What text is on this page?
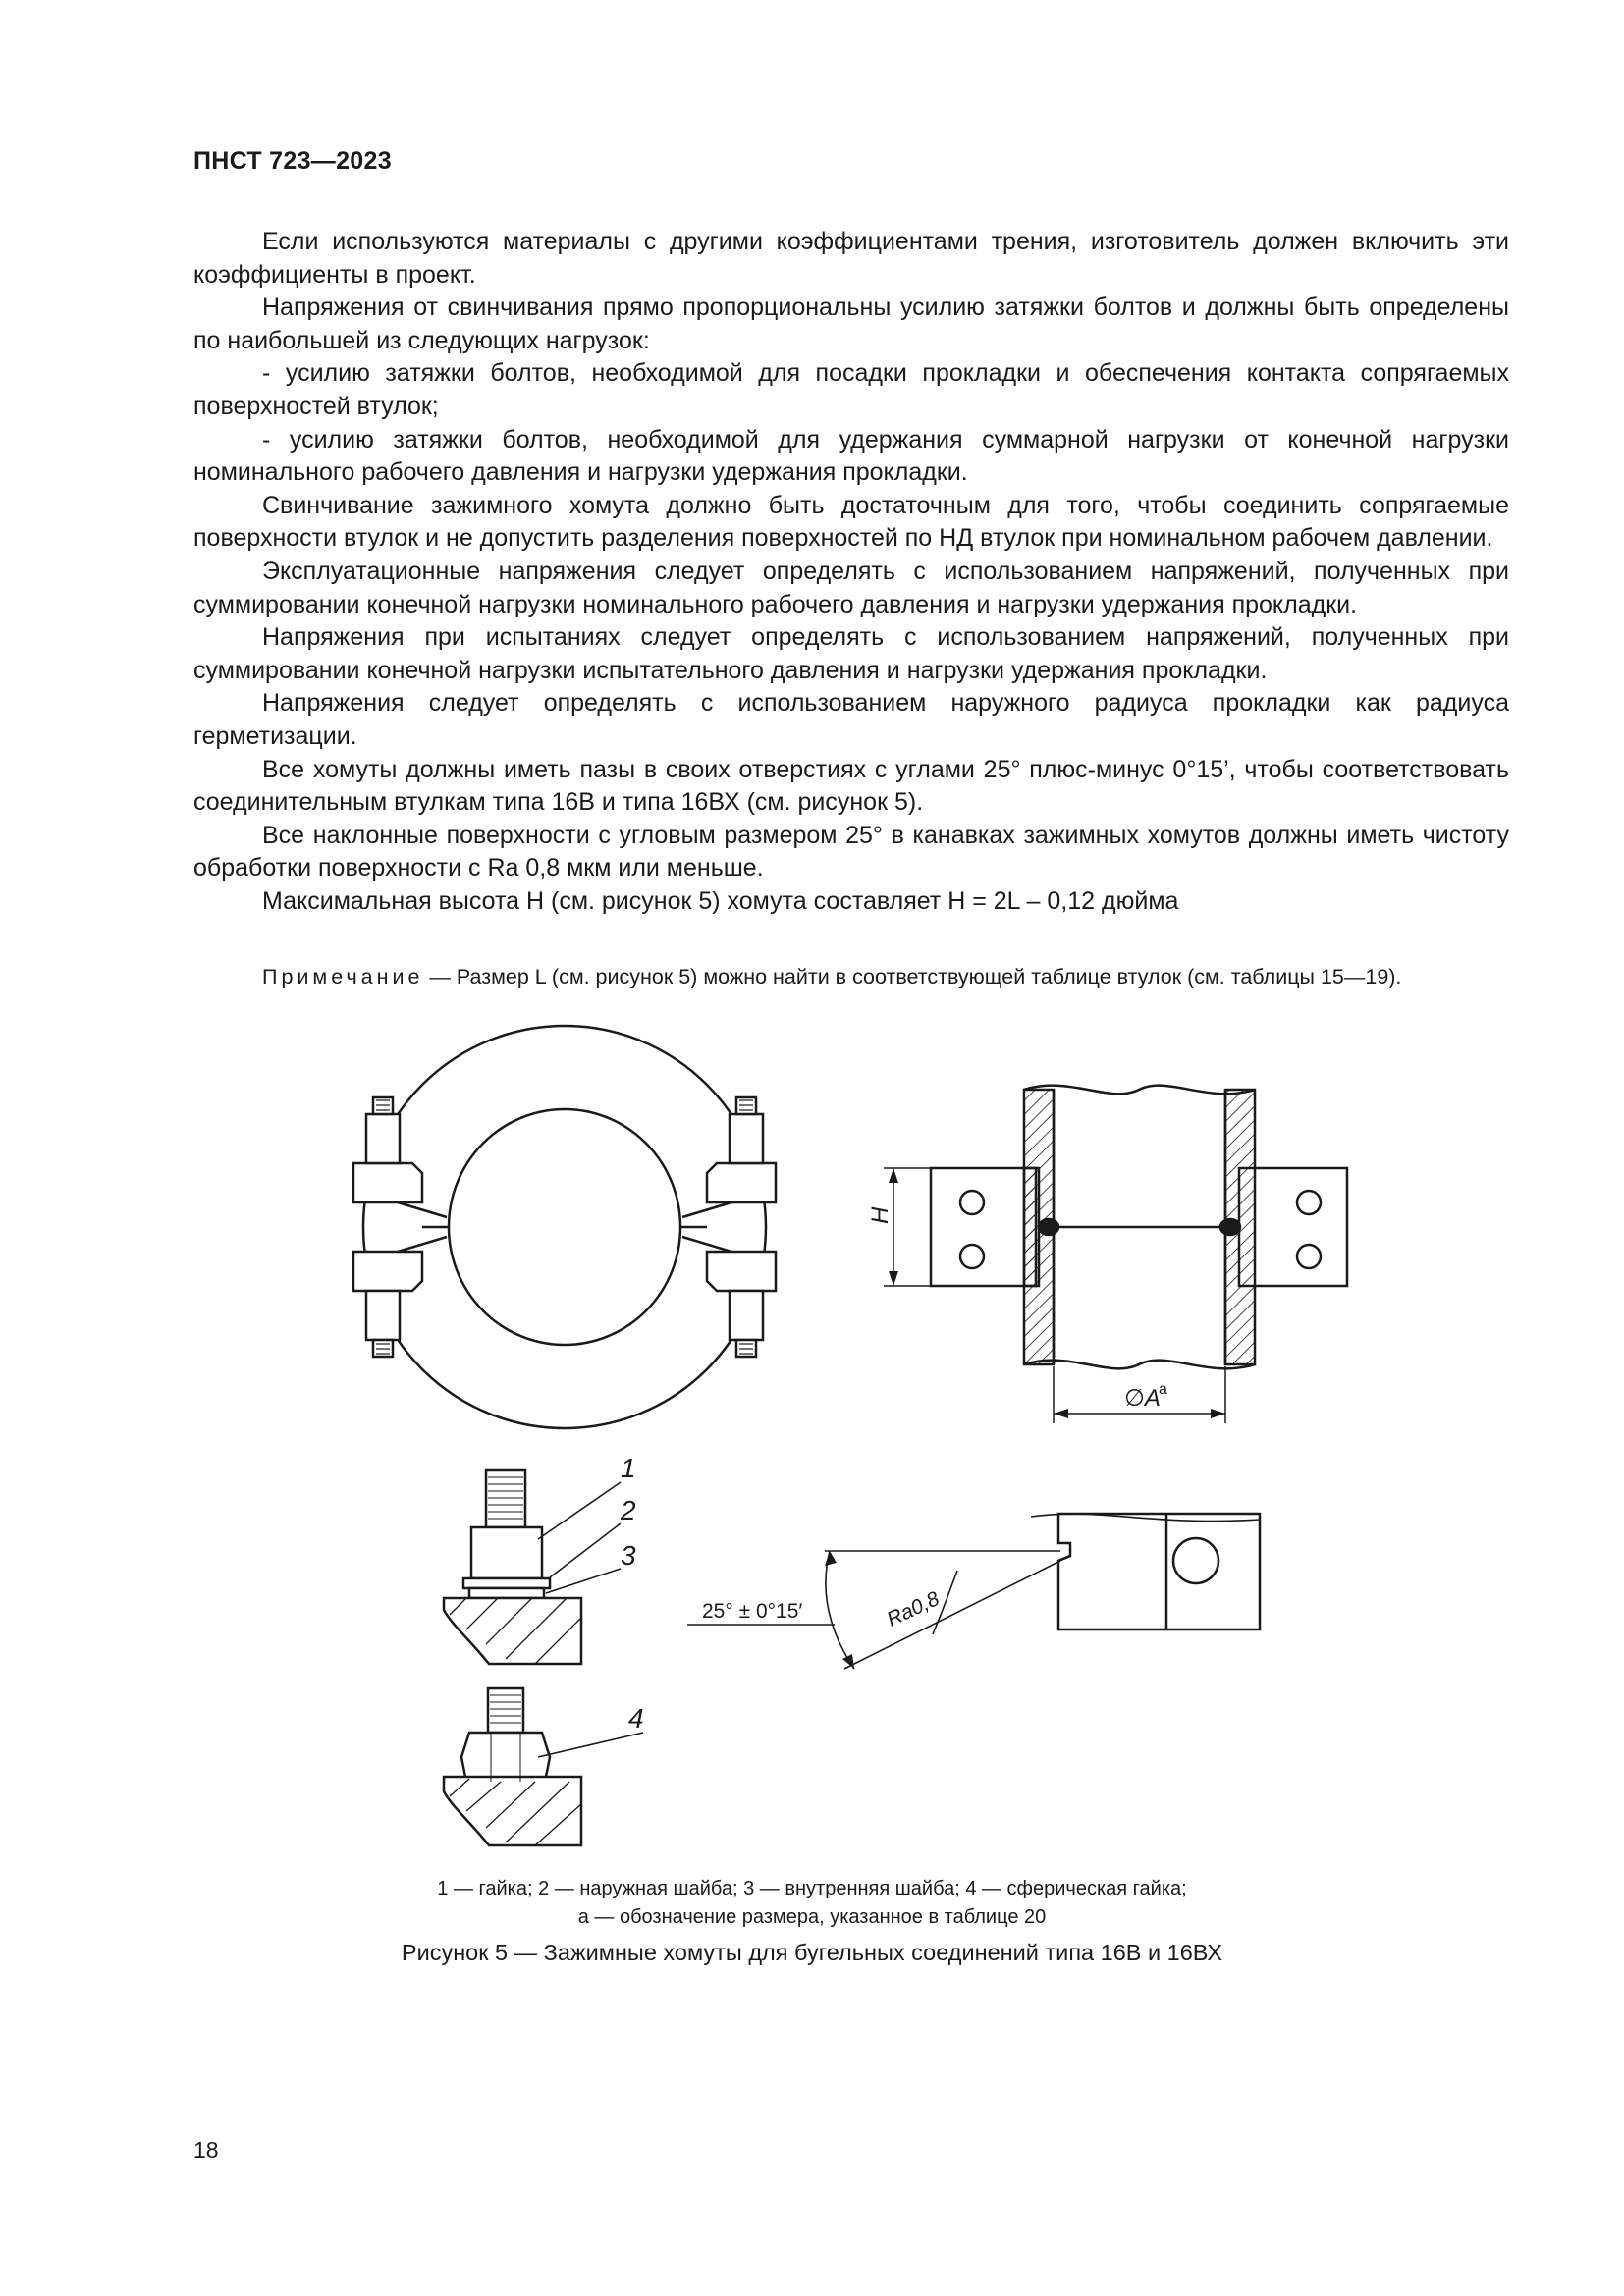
ПНСТ 723—2023

Если используются материалы с другими коэффициентами трения, изготовитель должен включить эти коэффициенты в проект.

Напряжения от свинчивания прямо пропорциональны усилию затяжки болтов и должны быть определены по наибольшей из следующих нагрузок:

- усилию затяжки болтов, необходимой для посадки прокладки и обеспечения контакта сопрягаемых поверхностей втулок;

- усилию затяжки болтов, необходимой для удержания суммарной нагрузки от конечной нагрузки номинального рабочего давления и нагрузки удержания прокладки.

Свинчивание зажимного хомута должно быть достаточным для того, чтобы соединить сопрягаемые поверхности втулок и не допустить разделения поверхностей по НД втулок при номинальном рабочем давлении.

Эксплуатационные напряжения следует определять с использованием напряжений, полученных при суммировании конечной нагрузки номинального рабочего давления и нагрузки удержания прокладки.

Напряжения при испытаниях следует определять с использованием напряжений, полученных при суммировании конечной нагрузки испытательного давления и нагрузки удержания прокладки.

Напряжения следует определять с использованием наружного радиуса прокладки как радиуса герметизации.

Все хомуты должны иметь пазы в своих отверстиях с углами 25° плюс-минус 0°15’, чтобы соответствовать соединительным втулкам типа 16В и типа 16ВХ (см. рисунок 5).

Все наклонные поверхности с угловым размером 25° в канавках зажимных хомутов должны иметь чистоту обработки поверхности с Ra 0,8 мкм или меньше.

Максимальная высота H (см. рисунок 5) хомута составляет H = 2L – 0,12 дюйма

Примечание — Размер L (см. рисунок 5) можно найти в соответствующей таблице втулок (см. таблицы 15—19).
H
∅A
a
1
2
3
4
25° ± 0°15′	Ra0,8
1 — гайка; 2 — наружная шайба; 3 — внутренняя шайба; 4 — сферическая гайка;
а — обозначение размера, указанное в таблице 20
Рисунок 5 — Зажимные хомуты для бугельных соединений типа 16В и 16ВХ
18
